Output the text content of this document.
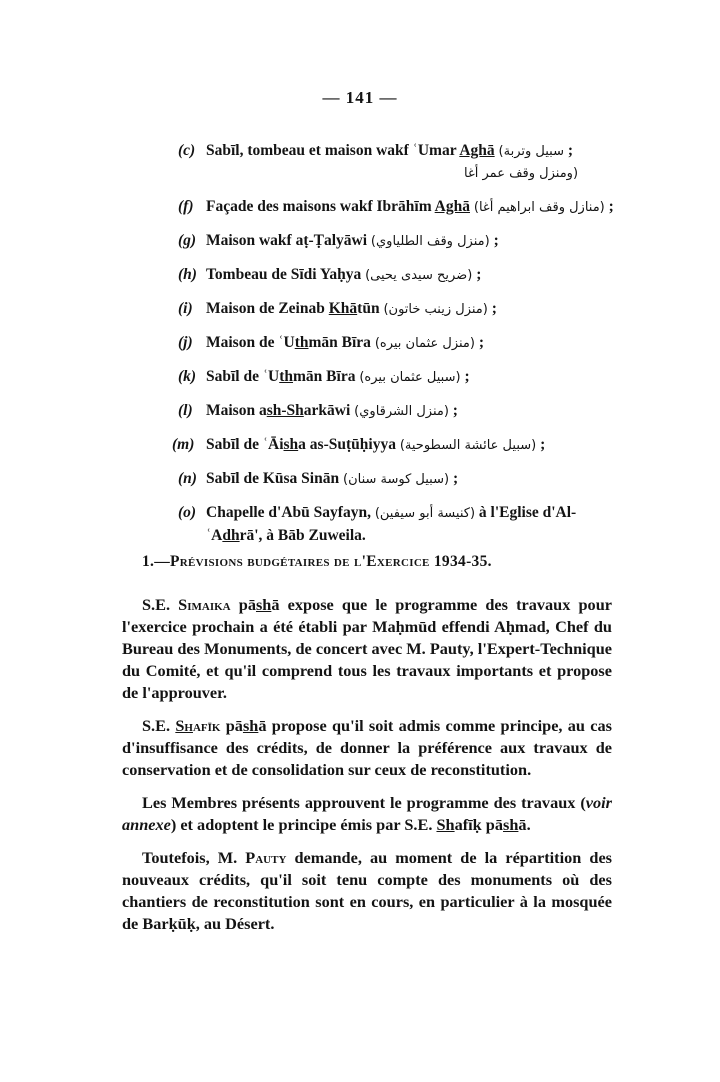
— 141 —
(c) Sabīl, tombeau et maison wakf ʿUmar Aghā (سبيل وتربة ;
ومنزل وقف عمر أغا)
(f) Façade des maisons wakf Ibrāhīm Aghā (منازل وقف ابراهيم أغا) ;
(g) Maison wakf aṭ-Ṭalyāwi (منزل وقف الطلياوي) ;
(h) Tombeau de Sīdi Yaḥya (ضريح سيدى يحيى) ;
(i) Maison de Zeinab Khātūn (منزل زينب خاتون) ;
(j) Maison de ʿUthmān Bīra (منزل عثمان بيره) ;
(k) Sabīl de ʿUthmān Bīra (سبيل عثمان بيره) ;
(l) Maison ash-Sharkāwi (منزل الشرقاوي) ;
(m) Sabīl de ʿĀisha as-Suṭūḥiyya (سبيل عائشة السطوحية) ;
(n) Sabīl de Kūsa Sinān (سبيل كوسة سنان) ;
(o) Chapelle d'Abū Sayfayn, (كنيسة أبو سيفين) à l'Eglise d'Al-ʿAdhrā', à Bāb Zuweila.
1.—Prévisions budgétaires de l'Exercice 1934-35.

S.E. Simaika pāshā expose que le programme des travaux pour l'exercice prochain a été établi par Maḥmūd effendi Aḥmad, Chef du Bureau des Monuments, de concert avec M. Pauty, l'Expert-Technique du Comité, et qu'il comprend tous les travaux importants et propose de l'approuver.

S.E. Shafīk pāshā propose qu'il soit admis comme principe, au cas d'insuffisance des crédits, de donner la préférence aux travaux de conservation et de consolidation sur ceux de reconstitution.

Les Membres présents approuvent le programme des travaux (voir annexe) et adoptent le principe émis par S.E. Shafīḳ pāshā.

Toutefois, M. Pauty demande, au moment de la répartition des nouveaux crédits, qu'il soit tenu compte des monuments où des chantiers de reconstitution sont en cours, en particulier à la mosquée de Barḳūḳ, au Désert.
